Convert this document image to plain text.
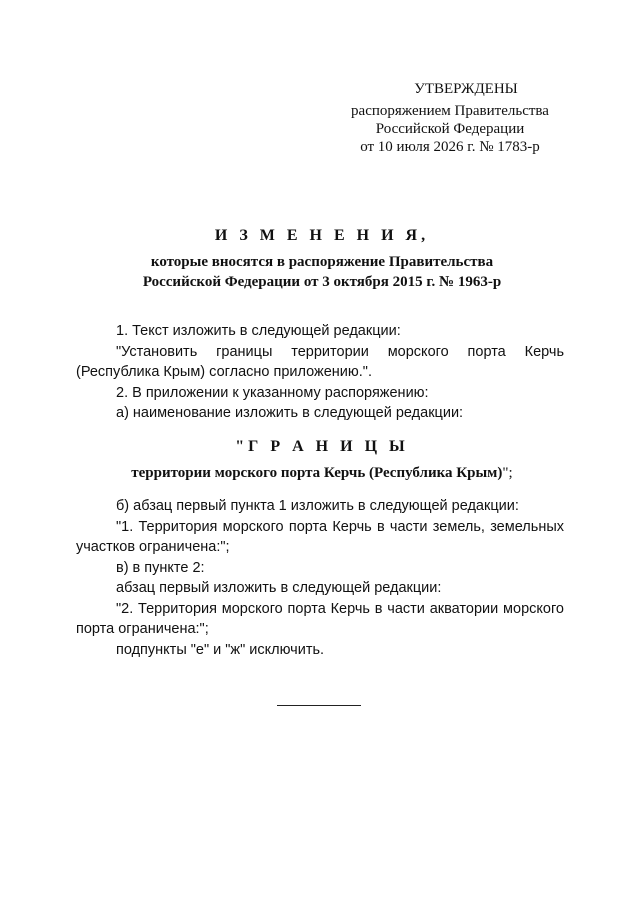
УТВЕРЖДЕНЫ
распоряжением Правительства
Российской Федерации
от 10 июля 2026 г. № 1783-р
И З М Е Н Е Н И Я,
которые вносятся в распоряжение Правительства
Российской Федерации от 3 октября 2015 г. № 1963-р

1. Текст изложить в следующей редакции:

"Установить границы территории морского порта Керчь (Республика Крым) согласно приложению.".

2. В приложении к указанному распоряжению:

а) наименование изложить в следующей редакции:

"Г Р А Н И Ц Ы
территории морского порта Керчь (Республика Крым)";

б) абзац первый пункта 1 изложить в следующей редакции:

"1. Территория морского порта Керчь в части земель, земельных участков ограничена:";

в) в пункте 2:

абзац первый изложить в следующей редакции:

"2. Территория морского порта Керчь в части акватории морского порта ограничена:";

подпункты "е" и "ж" исключить.
